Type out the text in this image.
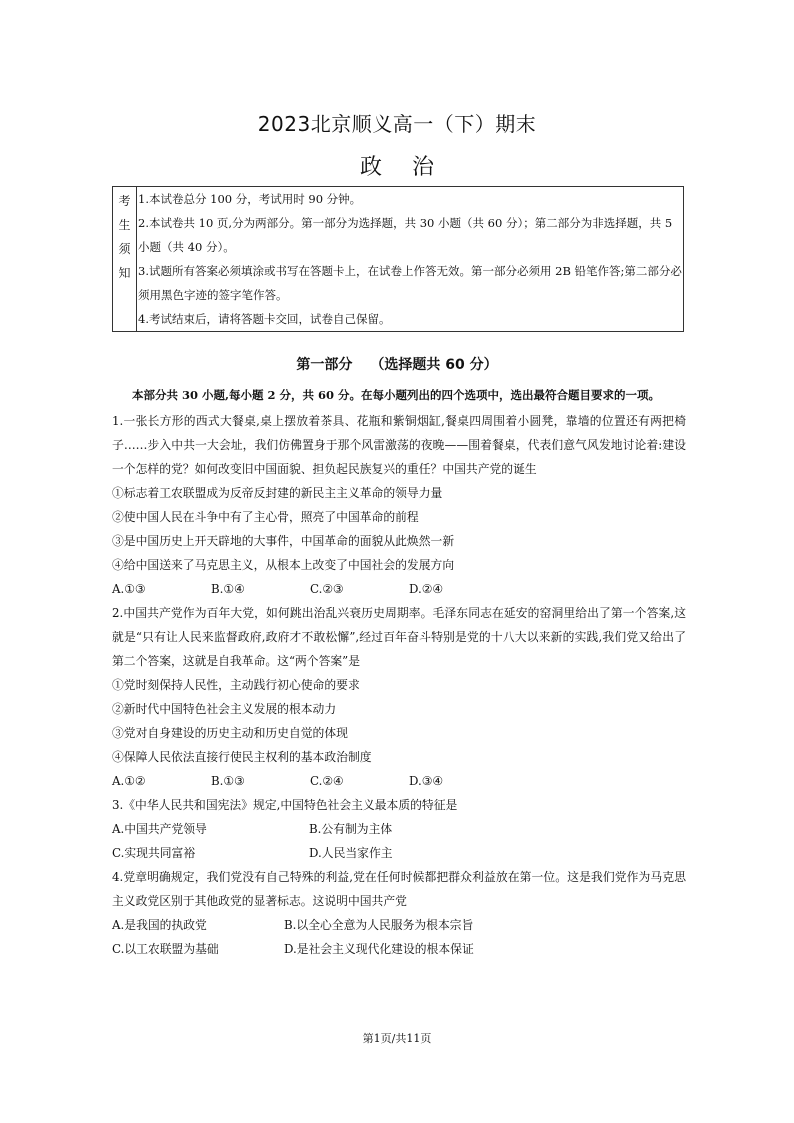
2023北京顺义高一（下）期末
政治
考
生
须
知
1.本试卷总分 100 分，考试用时 90 分钟。
2.本试卷共 10 页,分为两部分。第一部分为选择题，共 30 小题（共 60 分）；第二部分为非选择题，共 5 小题（共 40 分）。
3.试题所有答案必须填涂或书写在答题卡上，在试卷上作答无效。第一部分必须用 2B 铅笔作答;第二部分必须用黑色字迹的签字笔作答。
4.考试结束后，请将答题卡交回，试卷自己保留。
第一部分 （选择题共 60 分）
本部分共 30 小题,每小题 2 分，共 60 分。在每小题列出的四个选项中，选出最符合题目要求的一项。
1.一张长方形的西式大餐桌,桌上摆放着茶具、花瓶和紫铜烟缸,餐桌四周围着小圆凳，靠墙的位置还有两把椅子……步入中共一大会址，我们仿佛置身于那个风雷激荡的夜晚——围着餐桌，代表们意气风发地讨论着:建设一个怎样的党？如何改变旧中国面貌、担负起民族复兴的重任？中国共产党的诞生
①标志着工农联盟成为反帝反封建的新民主主义革命的领导力量
②使中国人民在斗争中有了主心骨，照亮了中国革命的前程
③是中国历史上开天辟地的大事件，中国革命的面貌从此焕然一新
④给中国送来了马克思主义，从根本上改变了中国社会的发展方向
A.①③	B.①④	C.②③	D.②④
2.中国共产党作为百年大党，如何跳出治乱兴衰历史周期率。毛泽东同志在延安的窑洞里给出了第一个答案,这就是“只有让人民来监督政府,政府才不敢松懈”,经过百年奋斗特别是党的十八大以来新的实践,我们党又给出了第二个答案，这就是自我革命。这“两个答案”是
①党时刻保持人民性，主动践行初心使命的要求
②新时代中国特色社会主义发展的根本动力
③党对自身建设的历史主动和历史自觉的体现
④保障人民依法直接行使民主权利的基本政治制度
A.①②	B.①③	C.②④	D.③④
3.《中华人民共和国宪法》规定,中国特色社会主义最本质的特征是
A.中国共产党领导	B.公有制为主体
C.实现共同富裕	D.人民当家作主
4.党章明确规定，我们党没有自己特殊的利益,党在任何时候都把群众利益放在第一位。这是我们党作为马克思主义政党区别于其他政党的显著标志。这说明中国共产党
A.是我国的执政党	B.以全心全意为人民服务为根本宗旨
C.以工农联盟为基础	D.是社会主义现代化建设的根本保证
第1页/共11页
